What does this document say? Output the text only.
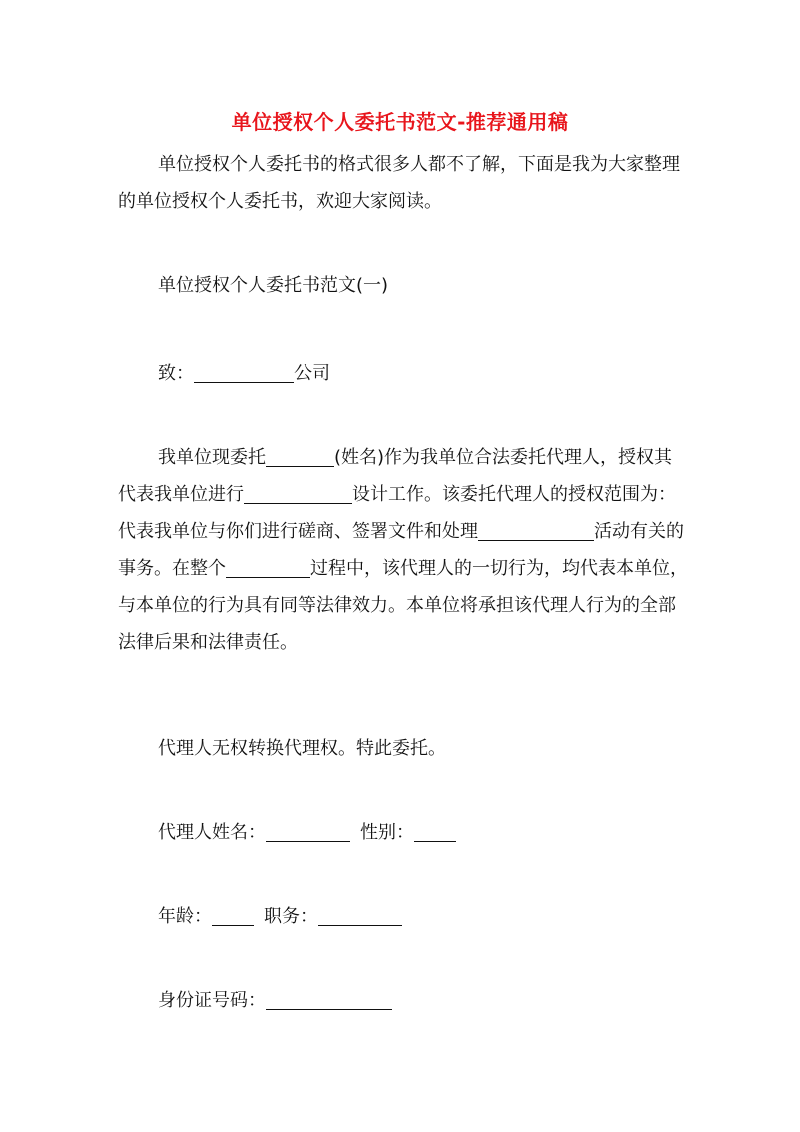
单位授权个人委托书范文-推荐通用稿

单位授权个人委托书的格式很多人都不了解，下面是我为大家整理的单位授权个人委托书，欢迎大家阅读。

单位授权个人委托书范文(一)

致：	公司

我单位现委托	(姓名)作为我单位合法委托代理人，授权其代表我单位进行	设计工作。该委托代理人的授权范围为：代表我单位与你们进行磋商、签署文件和处理	活动有关的事务。在整个	过程中，该代理人的一切行为，均代表本单位，与本单位的行为具有同等法律效力。本单位将承担该代理人行为的全部法律后果和法律责任。

代理人无权转换代理权。特此委托。

代理人姓名：	性别：

年龄：	职务：

身份证号码：
